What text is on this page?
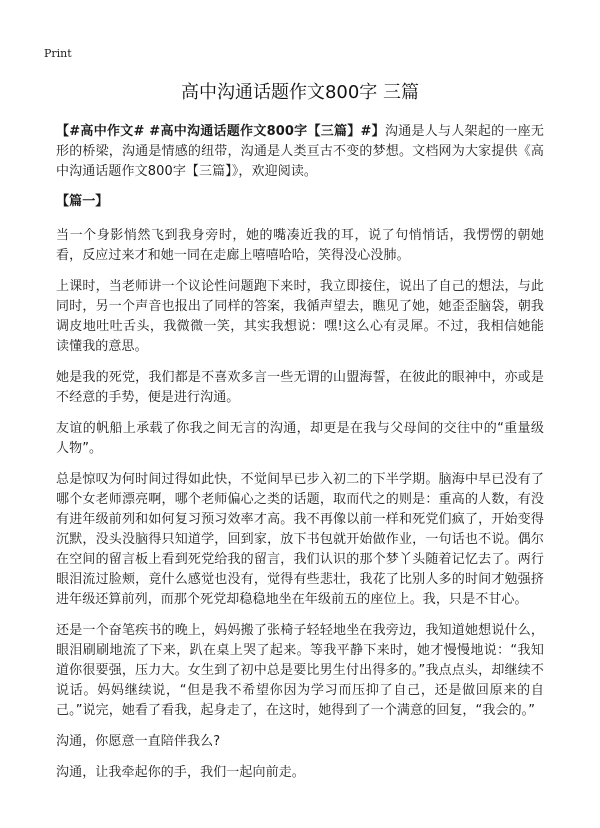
Print
高中沟通话题作文800字 三篇

【#高中作文# #高中沟通话题作文800字【三篇】#】沟通是人与人架起的一座无形的桥梁，沟通是情感的纽带，沟通是人类亘古不变的梦想。文档网为大家提供《高中沟通话题作文800字【三篇】》，欢迎阅读。

【篇一】

当一个身影悄然飞到我身旁时，她的嘴凑近我的耳，说了句悄悄话，我愣愣的朝她看，反应过来才和她一同在走廊上嘻嘻哈哈，笑得没心没肺。

上课时，当老师讲一个议论性问题跑下来时，我立即接住，说出了自己的想法，与此同时，另一个声音也报出了同样的答案，我循声望去，瞧见了她，她歪歪脑袋，朝我调皮地吐吐舌头，我微微一笑，其实我想说：嘿!这么心有灵犀。不过，我相信她能读懂我的意思。

她是我的死党，我们都是不喜欢多言一些无谓的山盟海誓，在彼此的眼神中，亦或是不经意的手势，便是进行沟通。

友谊的帆船上承载了你我之间无言的沟通，却更是在我与父母间的交往中的“重量级人物”。

总是惊叹为何时间过得如此快，不觉间早已步入初二的下半学期。脑海中早已没有了哪个女老师漂亮啊，哪个老师偏心之类的话题，取而代之的则是：重高的人数，有没有进年级前列和如何复习预习效率才高。我不再像以前一样和死党们疯了，开始变得沉默，没头没脑得只知道学，回到家，放下书包就开始做作业，一句话也不说。偶尔在空间的留言板上看到死党给我的留言，我们认识的那个梦丫头随着记忆去了。两行眼泪流过脸颊，竟什么感觉也没有，觉得有些悲壮，我花了比别人多的时间才勉强挤进年级还算前列，而那个死党却稳稳地坐在年级前五的座位上。我，只是不甘心。

还是一个奋笔疾书的晚上，妈妈搬了张椅子轻轻地坐在我旁边，我知道她想说什么，眼泪刷刷地流了下来，趴在桌上哭了起来。等我平静下来时，她才慢慢地说：“我知道你很要强，压力大。女生到了初中总是要比男生付出得多的。”我点点头，却继续不说话。妈妈继续说，“但是我不希望你因为学习而压抑了自己，还是做回原来的自己。”说完，她看了看我，起身走了，在这时，她得到了一个满意的回复，“我会的。”

沟通，你愿意一直陪伴我么?

沟通，让我牵起你的手，我们一起向前走。
